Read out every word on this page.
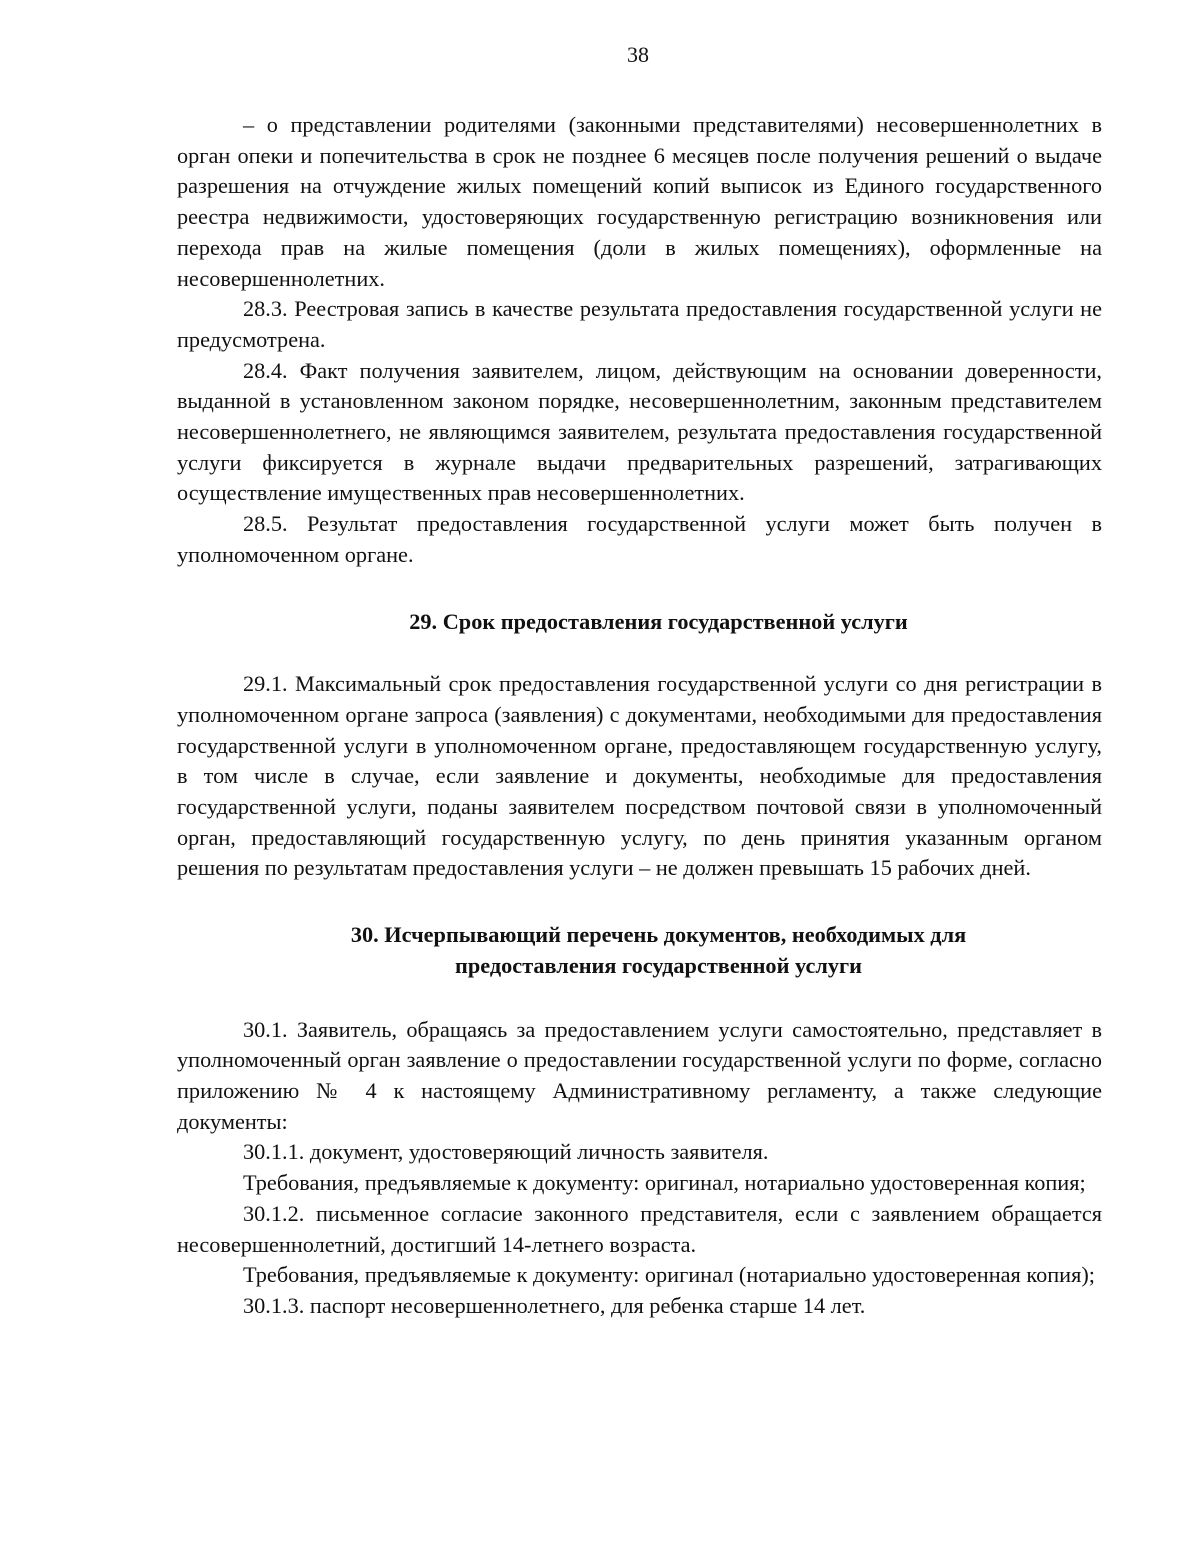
38

– о представлении родителями (законными представителями) несовершеннолетних в орган опеки и попечительства в срок не позднее 6 месяцев после получения решений о выдаче разрешения на отчуждение жилых помещений копий выписок из Единого государственного реестра недвижимости, удостоверяющих государственную регистрацию возникновения или перехода прав на жилые помещения (доли в жилых помещениях), оформленные на несовершеннолетних.

28.3. Реестровая запись в качестве результата предоставления государственной услуги не предусмотрена.

28.4. Факт получения заявителем, лицом, действующим на основании доверенности, выданной в установленном законом порядке, несовершеннолетним, законным представителем несовершеннолетнего, не являющимся заявителем, результата предоставления государственной услуги фиксируется в журнале выдачи предварительных разрешений, затрагивающих осуществление имущественных прав несовершеннолетних.

28.5. Результат предоставления государственной услуги может быть получен в уполномоченном органе.

29. Срок предоставления государственной услуги

29.1. Максимальный срок предоставления государственной услуги со дня регистрации в уполномоченном органе запроса (заявления) с документами, необходимыми для предоставления государственной услуги в уполномоченном органе, предоставляющем государственную услугу, в том числе в случае, если заявление и документы, необходимые для предоставления государственной услуги, поданы заявителем посредством почтовой связи в уполномоченный орган, предоставляющий государственную услугу, по день принятия указанным органом решения по результатам предоставления услуги – не должен превышать 15 рабочих дней.

30. Исчерпывающий перечень документов, необходимых для
предоставления государственной услуги

30.1. Заявитель, обращаясь за предоставлением услуги самостоятельно, представляет в уполномоченный орган заявление о предоставлении государственной услуги по форме, согласно приложению № 4 к настоящему Административному регламенту, а также следующие документы:

30.1.1. документ, удостоверяющий личность заявителя.

Требования, предъявляемые к документу: оригинал, нотариально удостоверенная копия;

30.1.2. письменное согласие законного представителя, если с заявлением обращается несовершеннолетний, достигший 14-летнего возраста.

Требования, предъявляемые к документу: оригинал (нотариально удостоверенная копия);

30.1.3. паспорт несовершеннолетнего, для ребенка старше 14 лет.
